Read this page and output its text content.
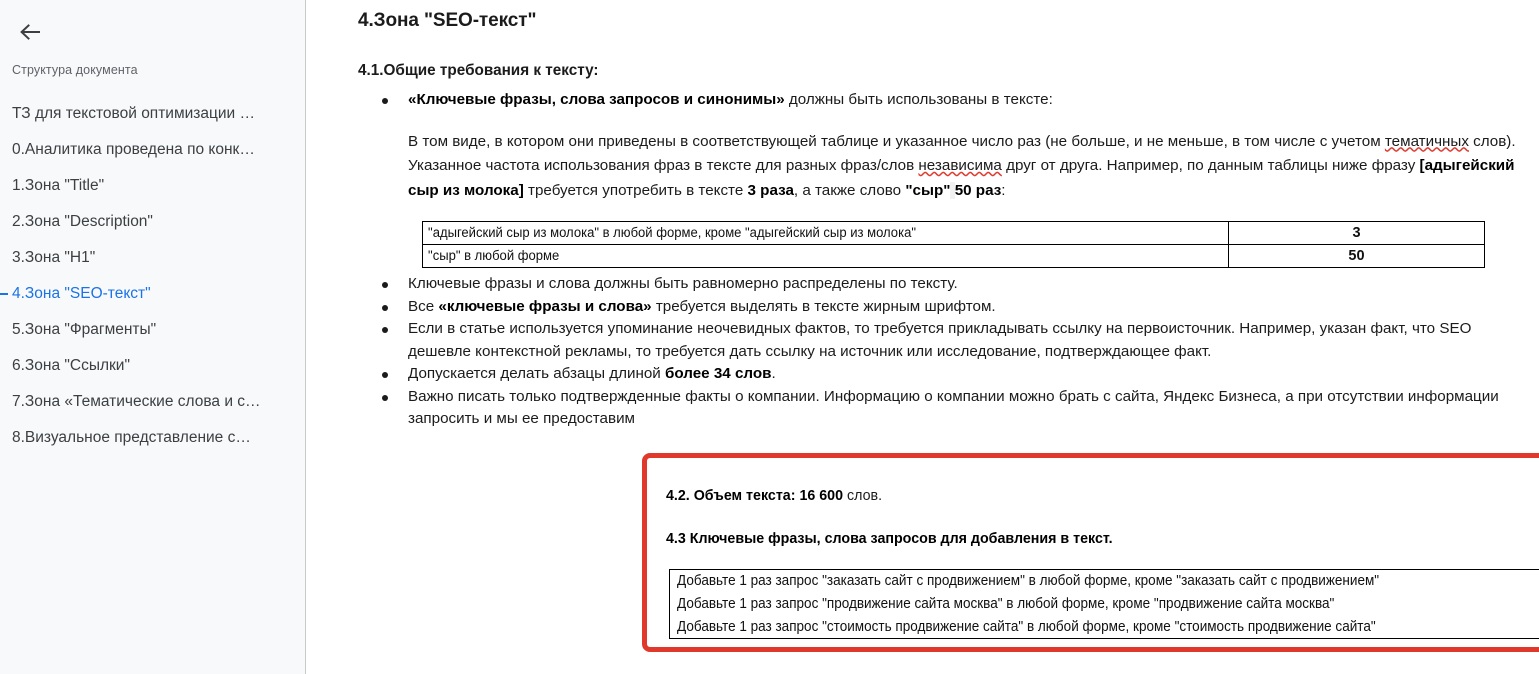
Структура документа
ТЗ для текстовой оптимизации …
0.Аналитика проведена по конк…
1.Зона "Title"
2.Зона "Description"
3.Зона "H1"
4.Зона "SEO-текст"
5.Зона "Фрагменты"
6.Зона "Ссылки"
7.Зона «Тематические слова и с…
8.Визуальное представление с…
4.Зона "SEO-текст"
4.1.Общие требования к тексту:
«Ключевые фразы, слова запросов и синонимы» должны быть использованы в тексте:

В том виде, в котором они приведены в соответствующей таблице и указанное число раз (не больше, и не меньше, в том числе с учетом тематичных слов). Указанное частота использования фраз в тексте для разных фраз/слов независима друг от друга. Например, по данным таблицы ниже фразу [адыгейский сыр из молока] требуется употребить в тексте 3 раза, а также слово "сыр" 50 раз:

Ключевые фразы и слова должны быть равномерно распределены по тексту.
Все «ключевые фразы и слова» требуется выделять в тексте жирным шрифтом.
Если в статье используется упоминание неочевидных фактов, то требуется прикладывать ссылку на первоисточник. Например, указан факт, что SEO дешевле контекстной рекламы, то требуется дать ссылку на источник или исследование, подтверждающее факт.
Допускается делать абзацы длиной более 34 слов.
Важно писать только подтвержденные факты о компании. Информацию о компании можно брать с сайта, Яндекс Бизнеса, а при отсутствии информации запросить и мы ее предоставим
"адыгейский сыр из молока" в любой форме, кроме "адыгейский сыр из молока"	3
"сыр" в любой форме	50
4.2. Объем текста: 16 600 слов.
4.3 Ключевые фразы, слова запросов для добавления в текст.
Добавьте 1 раз запрос "заказать сайт с продвижением" в любой форме, кроме "заказать сайт с продвижением"
Добавьте 1 раз запрос "продвижение сайта москва" в любой форме, кроме "продвижение сайта москва"
Добавьте 1 раз запрос "стоимость продвижение сайта" в любой форме, кроме "стоимость продвижение сайта"
